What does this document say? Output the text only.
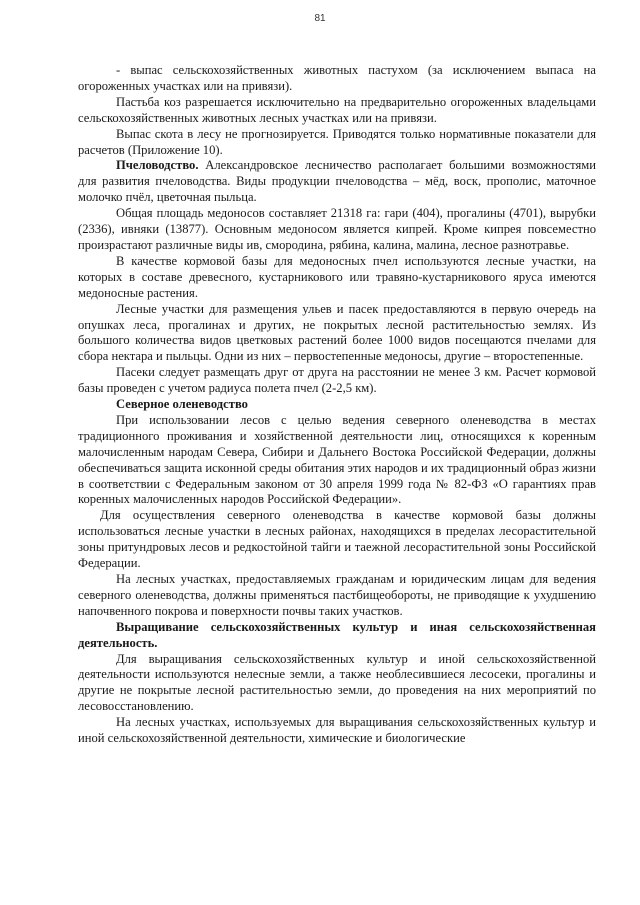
81

- выпас сельскохозяйственных животных пастухом (за исключением выпаса на огороженных участках или на привязи).

Пастьба коз разрешается исключительно на предварительно огороженных владельцами сельскохозяйственных животных лесных участках или на привязи.

Выпас скота в лесу не прогнозируется. Приводятся только нормативные показатели для расчетов (Приложение 10).

Пчеловодство. Александровское лесничество располагает большими возможностями для развития пчеловодства. Виды продукции пчеловодства – мёд, воск, прополис, маточное молочко пчёл, цветочная пыльца.

Общая площадь медоносов составляет 21318 га: гари (404), прогалины (4701), вырубки (2336), ивняки (13877). Основным медоносом является кипрей. Кроме кипрея повсеместно произрастают различные виды ив, смородина, рябина, калина, малина, лесное разнотравье.

В качестве кормовой базы для медоносных пчел используются лесные участки, на которых в составе древесного, кустарникового или травяно-кустарникового яруса имеются медоносные растения.

Лесные участки для размещения ульев и пасек предоставляются в первую очередь на опушках леса, прогалинах и других, не покрытых лесной растительностью землях. Из большого количества видов цветковых растений более 1000 видов посещаются пчелами для сбора нектара и пыльцы. Одни из них – первостепенные медоносы, другие – второстепенные.

Пасеки следует размещать друг от друга на расстоянии не менее 3 км. Расчет кормовой базы проведен с учетом радиуса полета пчел (2-2,5 км).

Северное оленеводство

При использовании лесов с целью ведения северного оленеводства в местах традиционного проживания и хозяйственной деятельности лиц, относящихся к коренным малочисленным народам Севера, Сибири и Дальнего Востока Российской Федерации, должны обеспечиваться защита исконной среды обитания этих народов и их традиционный образ жизни в соответствии с Федеральным законом от 30 апреля 1999 года № 82-ФЗ «О гарантиях прав коренных малочисленных народов Российской Федерации».

Для осуществления северного оленеводства в качестве кормовой базы должны использоваться лесные участки в лесных районах, находящихся в пределах лесорастительной зоны притундровых лесов и редкостойной тайги и таежной лесорастительной зоны Российской Федерации.

На лесных участках, предоставляемых гражданам и юридическим лицам для ведения северного оленеводства, должны применяться пастбищеобороты, не приводящие к ухудшению напочвенного покрова и поверхности почвы таких участков.

Выращивание сельскохозяйственных культур и иная сельскохозяйственная деятельность.

Для выращивания сельскохозяйственных культур и иной сельскохозяйственной деятельности используются нелесные земли, а также необлесившиеся лесосеки, прогалины и другие не покрытые лесной растительностью земли, до проведения на них мероприятий по лесовосстановлению.

На лесных участках, используемых для выращивания сельскохозяйственных культур и иной сельскохозяйственной деятельности, химические и биологические
